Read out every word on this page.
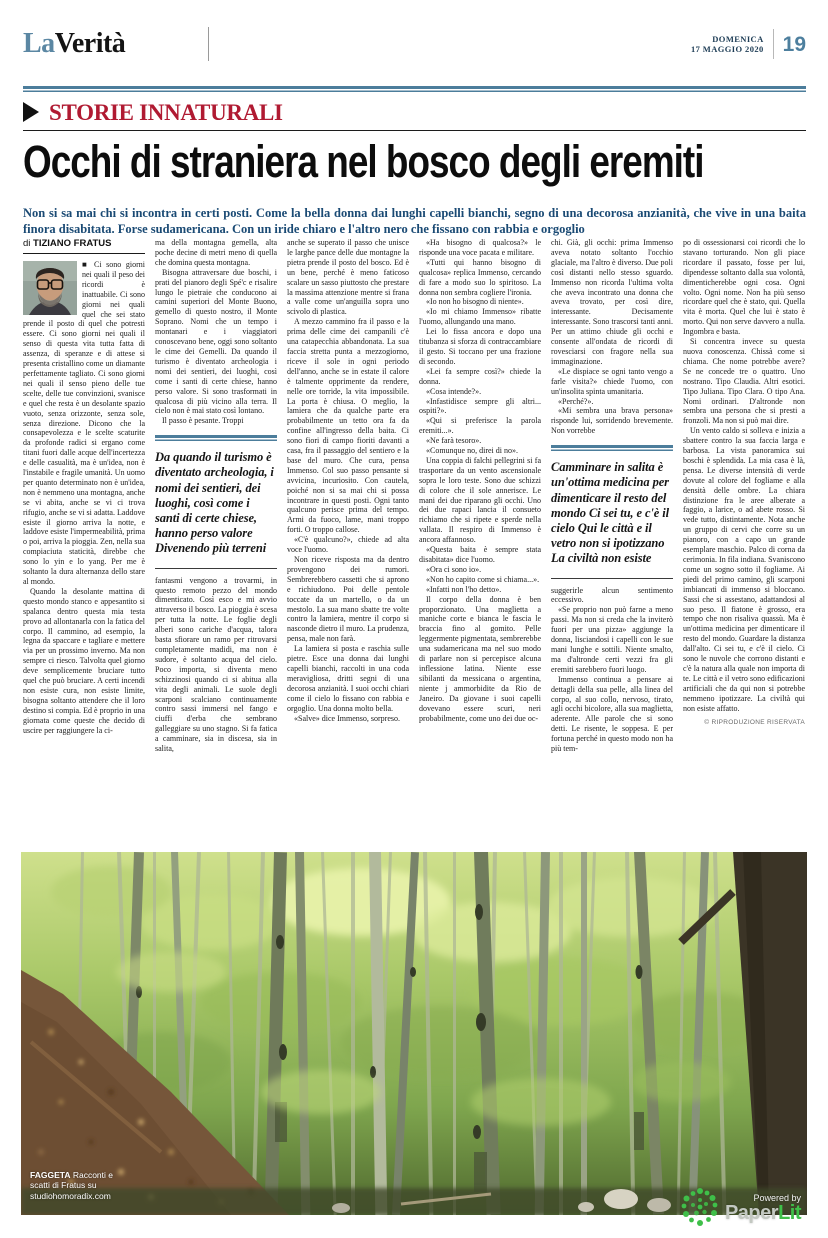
LaVerità	DOMENICA
17 MAGGIO 2020 19
STORIE INNATURALI
Occhi di straniera nel bosco degli eremiti

Non si sa mai chi si incontra in certi posti. Come la bella donna dai lunghi capelli bianchi, segno di una decorosa anzianità, che vive in una baita finora disabitata. Forse sudamericana. Con un iride chiaro e l'altro nero che fissano con rabbia e orgoglio

di TIZIANO FRATUS

■ Ci sono giorni nei quali il peso dei ricordi è inattuabile. Ci sono giorni nei quali quel che sei stato prende il posto di quel che potresti essere. Ci sono giorni nei quali il senso di questa vita tutta fatta di assenza, di speranze e di attese si presenta cristallino come un diamante perfettamente tagliato. Ci sono giorni nei quali il senso pieno delle tue scelte, delle tue convinzioni, svanisce e quel che resta è un desolante spazio vuoto, senza orizzonte, senza sole, senza direzione. Dicono che la consapevolezza e le scelte scaturite da profonde radici si ergano come titani fuori dalle acque dell'incertezza e delle casualità, ma è un'idea, non è l'instabile e fragile umanità. Un uomo per quanto determinato non è un'idea, non è nemmeno una montagna, anche se vi abita, anche se vi ci trova rifugio, anche se vi si adatta. Laddove esiste il giorno arriva la notte, e laddove esiste l'impermeabilità, prima o poi, arriva la pioggia. Zen, nella sua compiaciuta staticità, direbbe che sono lo yin e lo yang. Per me è soltanto la dura alternanza dello stare al mondo.

Quando la desolante mattina di questo mondo stanco e appesantito si spalanca dentro questa mia testa provo ad allontanarla con la fatica del corpo. Il cammino, ad esempio, la legna da spaccare e tagliare e mettere via per un prossimo inverno. Ma non sempre ci riesco. Talvolta quel giorno deve semplicemente bruciare tutto quel che può bruciare. A certi incendi non esiste cura, non esiste limite, bisogna soltanto attendere che il loro destino si compia. Ed è proprio in una giornata come queste che decido di uscire per raggiungere la ci-

ma della montagna gemella, alta poche decine di metri meno di quella che domina questa montagna.

Bisogna attraversare due boschi, i prati del pianoro degli Spé'c e risalire lungo le pietraie che conducono ai camini superiori del Monte Buono, gemello di questo nostro, il Monte Soprano. Nomi che un tempo i montanari e i viaggiatori conoscevano bene, oggi sono soltanto le cime dei Gemelli. Da quando il turismo è diventato archeologia i nomi dei sentieri, dei luoghi, così come i santi di certe chiese, hanno perso valore. Si sono trasformati in qualcosa di più vicino alla terra. Il cielo non è mai stato così lontano.

Il passo è pesante. Troppi

Da quando il turismo è diventato archeologia, i nomi dei sentieri, dei luoghi, così come i santi di certe chiese, hanno perso valore Divenendo più terreni

fantasmi vengono a trovarmi, in questo remoto pezzo del mondo dimenticato. Così esco e mi avvio attraverso il bosco. La pioggia è scesa per tutta la notte. Le foglie degli alberi sono cariche d'acqua, talora basta sfiorare un ramo per ritrovarsi completamente madidi, ma non è sudore, è soltanto acqua del cielo. Poco importa, si diventa meno schizzinosi quando ci si abitua alla vita degli animali. Le suole degli scarponi scalciano continuamente contro sassi immersi nel fango e ciuffi d'erba che sembrano galleggiare su uno stagno. Si fa fatica a camminare, sia in discesa, sia in salita,

anche se superato il passo che unisce le larghe pance delle due montagne la pietra prende il posto del bosco. Ed è un bene, perché è meno faticoso scalare un sasso piuttosto che prestare la massima attenzione mentre si frana a valle come un'anguilla sopra uno scivolo di plastica.

A mezzo cammino fra il passo e la prima delle cime dei campanili c'è una catapecchia abbandonata. La sua faccia stretta punta a mezzogiorno, riceve il sole in ogni periodo dell'anno, anche se in estate il calore è talmente opprimente da rendere, nelle ore torride, la vita impossibile. La porta è chiusa. O meglio, la lamiera che da qualche parte era probabilmente un tetto ora fa da confine all'ingresso della baita. Ci sono fiori di campo fioriti davanti a casa, fra il passaggio del sentiero e la base del muro. Che cura, pensa Immenso. Col suo passo pensante si avvicina, incuriosito. Con cautela, poiché non si sa mai chi si possa incontrare in questi posti. Ogni tanto qualcuno perisce prima del tempo. Armi da fuoco, lame, mani troppo forti. O troppo callose.

«C'è qualcuno?», chiede ad alta voce l'uomo.

Non riceve risposta ma da dentro provengono dei rumori. Sembrerebbero cassetti che si aprono e richiudono. Poi delle pentole toccate da un martello, o da un mestolo. La sua mano sbatte tre volte contro la lamiera, mentre il corpo si nasconde dietro il muro. La prudenza, pensa, male non farà.

La lamiera si posta e raschia sulle pietre. Esce una donna dai lunghi capelli bianchi, raccolti in una coda meravigliosa, dritti segni di una decorosa anzianità. I suoi occhi chiari come il cielo lo fissano con rabbia e orgoglio. Una donna molto bella.

«Salve» dice Immenso, sorpreso.

«Ha bisogno di qualcosa?» le risponde una voce pacata e militare.

«Tutti qui hanno bisogno di qualcosa» replica Immenso, cercando di fare a modo suo lo spiritoso. La donna non sembra cogliere l'ironia.

«Io non ho bisogno di niente».

«Io mi chiamo Immenso» ribatte l'uomo, allungando una mano.

Lei lo fissa ancora e dopo una titubanza si sforza di contraccambiare il gesto. Si toccano per una frazione di secondo.

«Lei fa sempre così?» chiede la donna.

«Cosa intende?».

«Infastidisce sempre gli altri... ospiti?».

«Qui si preferisce la parola eremiti...».

«Ne farà tesoro».

«Comunque no, direi di no».

Una coppia di falchi pellegrini si fa trasportare da un vento ascensionale sopra le loro teste. Sono due schizzi di colore che il sole annerisce. Le mani dei due riparano gli occhi. Uno dei due rapaci lancia il consueto richiamo che si ripete e sperde nella vallata. Il respiro di Immenso è ancora affannoso.

«Questa baita è sempre stata disabitata» dice l'uomo.

«Ora ci sono io».

«Non ho capito come si chiama...».

«Infatti non l'ho detto».

Il corpo della donna è ben proporzionato. Una maglietta a maniche corte e bianca le fascia le braccia fino al gomito. Pelle leggermente pigmentata, sembrerebbe una sudamericana ma nel suo modo di parlare non si percepisce alcuna inflessione latina. Niente esse sibilanti da messicana o argentina, niente j ammorbidite da Rio de Janeiro. Da giovane i suoi capelli dovevano essere scuri, neri probabilmente, come uno dei due oc-

chi. Già, gli occhi: prima Immenso aveva notato soltanto l'occhio glaciale, ma l'altro è diverso. Due poli così distanti nello stesso sguardo. Immenso non ricorda l'ultima volta che aveva incontrato una donna che aveva trovato, per così dire, interessante. Decisamente interessante. Sono trascorsi tanti anni. Per un attimo chiude gli occhi e consente all'ondata de ricordi di rovesciarsi con fragore nella sua immaginazione.

«Le dispiace se ogni tanto vengo a farle visita?» chiede l'uomo, con un'insolita spinta umanitaria.

«Perché?».

«Mi sembra una brava persona» risponde lui, sorridendo brevemente. Non vorrebbe

Camminare in salita è un'ottima medicina per dimenticare il resto del mondo Ci sei tu, e c'è il cielo Qui le città e il vetro non si ipotizzano La civiltà non esiste

suggerirle alcun sentimento eccessivo.

«Se proprio non può farne a meno passi. Ma non si creda che la inviterò fuori per una pizza» aggiunge la donna, lisciandosi i capelli con le sue mani lunghe e sottili. Niente smalto, ma d'altronde certi vezzi fra gli eremiti sarebbero fuori luogo.

Immenso continua a pensare ai dettagli della sua pelle, alla linea del corpo, al suo collo, nervoso, tirato, agli occhi bicolore, alla sua maglietta, aderente. Alle parole che si sono detti. Le risente, le soppesa. E per fortuna perché in questo modo non ha più tem-

po di ossessionarsi coi ricordi che lo stavano torturando. Non gli piace ricordare il passato, fosse per lui, dipendesse soltanto dalla sua volontà, dimenticherebbe ogni cosa. Ogni volto. Ogni nome. Non ha più senso ricordare quel che è stato, qui. Quella vita è morta. Quel che lui è stato è morto. Qui non serve davvero a nulla. Ingombra e basta.

Si concentra invece su questa nuova conoscenza. Chissà come si chiama. Che nome potrebbe avere? Se ne concede tre o quattro. Uno nostrano. Tipo Claudia. Altri esotici. Tipo Juliana. Tipo Clara. O tipo Ana. Nomi ordinari. D'altronde non sembra una persona che si presti a fronzoli. Ma non si può mai dire.

Un vento caldo si solleva e inizia a sbattere contro la sua faccia larga e barbosa. La vista panoramica sui boschi è splendida. La mia casa è là, pensa. Le diverse intensità di verde dovute al colore del fogliame e alla densità delle ombre. La chiara distinzione fra le aree alberate a faggio, a larice, o ad abete rosso. Si vede tutto, distintamente. Nota anche un gruppo di cervi che corre su un pianoro, con a capo un grande esemplare maschio. Palco di corna da cerimonia. In fila indiana. Svaniscono come un sogno sotto il fogliame. Ai piedi del primo camino, gli scarponi imbiancati di immenso si bloccano. Sassi che si assestano, adattandosi al suo peso. Il fiatone è grosso, era tempo che non risaliva quassù. Ma è un'ottima medicina per dimenticare il resto del mondo. Guardare la distanza dall'alto. Ci sei tu, e c'è il cielo. Ci sono le nuvole che corrono distanti e c'è la natura alla quale non importa di te. Le città e il vetro sono edificazioni artificiali che da qui non si potrebbe nemmeno ipotizzare. La civiltà qui non esiste affatto.

© RIPRODUZIONE RISERVATA

FAGGETA Racconti e scatti di Fratus su studiohomoradix.com	Powered by
PaperLit
